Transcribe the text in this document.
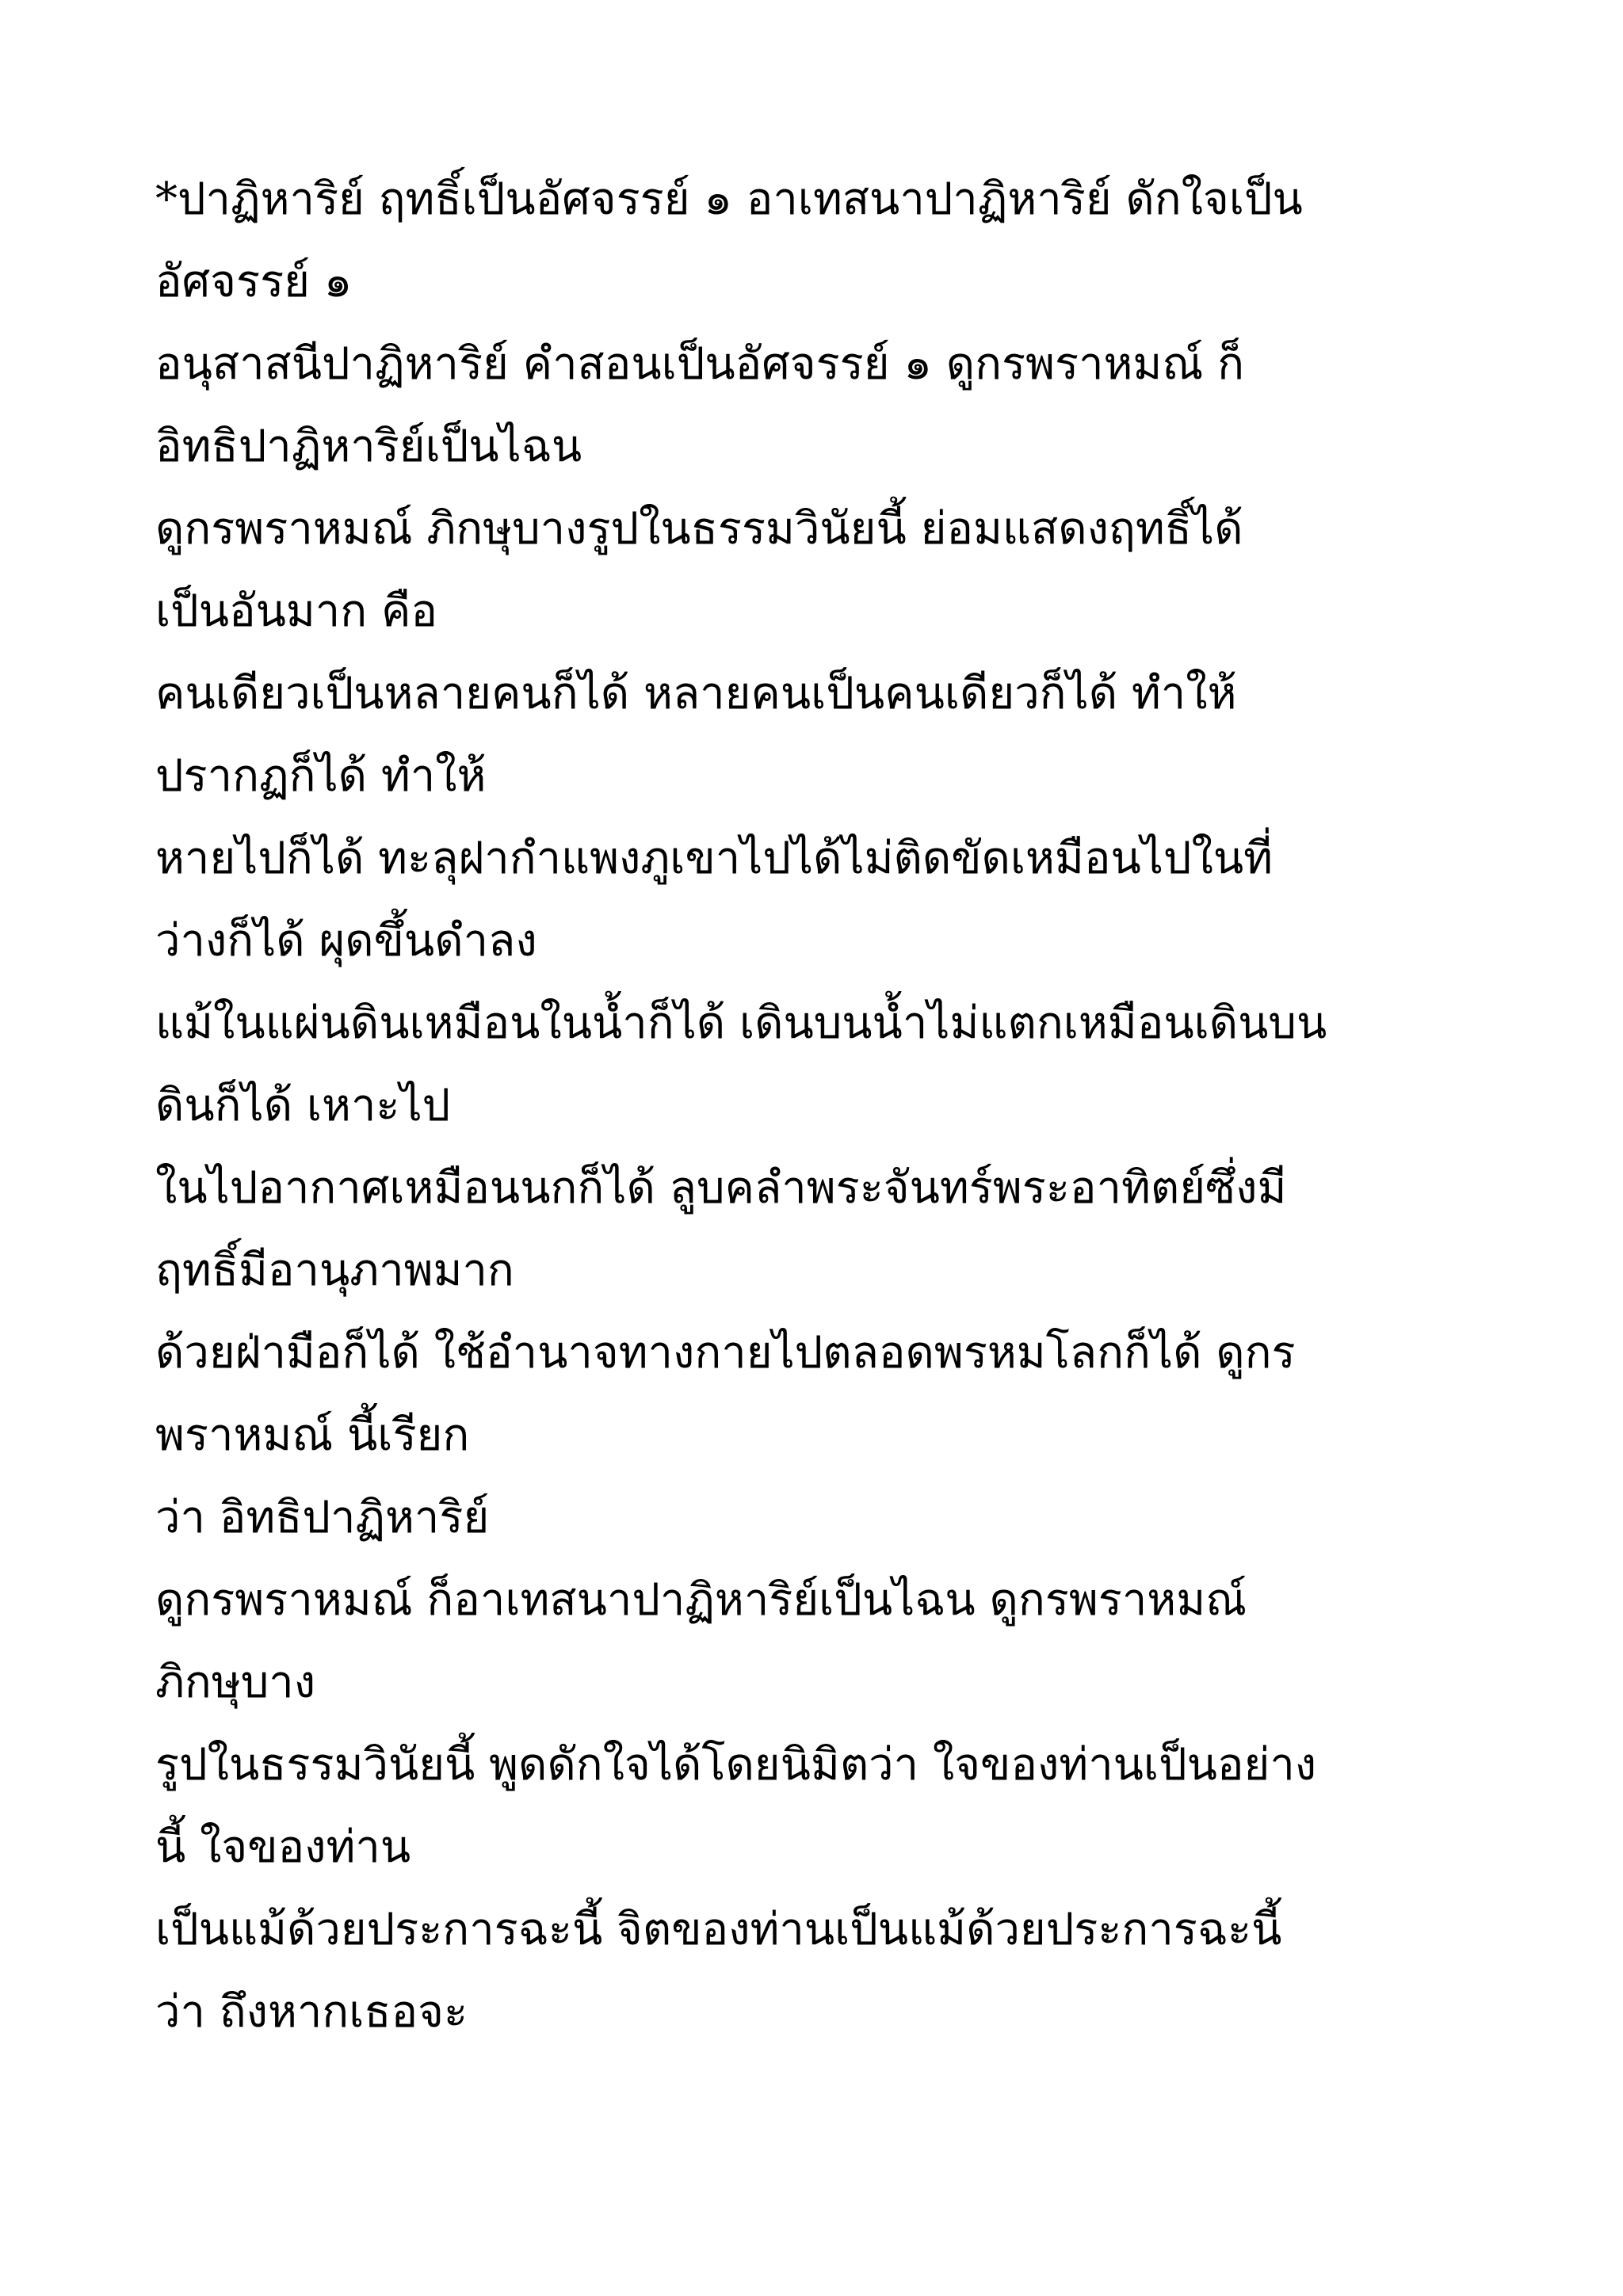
*ปาฏิหาริย์ ฤทธิ์เป็นอัศจรรย์ ๑ อาเทสนาปาฏิหาริย์ ดักใจเป็น
อัศจรรย์ ๑
อนุสาสนีปาฏิหาริย์ คำสอนเป็นอัศจรรย์ ๑ ดูกรพราหมณ์ ก็
อิทธิปาฏิหาริย์เป็นไฉน
ดูกรพราหมณ์ ภิกษุบางรูปในธรรมวินัยนี้ ย่อมแสดงฤทธิ์ได้
เป็นอันมาก คือ
คนเดียวเป็นหลายคนก็ได้ หลายคนเป็นคนเดียวก็ได้ ทำให้
ปรากฏก็ได้ ทำให้
หายไปก็ได้ ทะลุฝากำแพงภูเขาไปได้ไม่ติดขัดเหมือนไปในที่
ว่างก็ได้ ผุดขึ้นดำลง
แม้ในแผ่นดินเหมือนในน้ำก็ได้ เดินบนน้ำไม่แตกเหมือนเดินบน
ดินก็ได้ เหาะไป
ในไปอากาศเหมือนนกก็ได้ ลูบคลำพระจันทร์พระอาทิตย์ซึ่งมี
ฤทธิ์มีอานุภาพมาก
ด้วยฝ่ามือก็ได้ ใช้อำนาจทางกายไปตลอดพรหมโลกก็ได้ ดูกร
พราหมณ์ นี้เรียก
ว่า อิทธิปาฏิหาริย์
ดูกรพราหมณ์ ก็อาเทสนาปาฏิหาริย์เป็นไฉน ดูกรพราหมณ์
ภิกษุบาง
รูปในธรรมวินัยนี้ พูดดักใจได้โดยนิมิตว่า ใจของท่านเป็นอย่าง
นี้ ใจของท่าน
เป็นแม้ด้วยประการฉะนี้ จิตของท่านเป็นแม้ด้วยประการฉะนี้
ว่า ถึงหากเธอจะ
